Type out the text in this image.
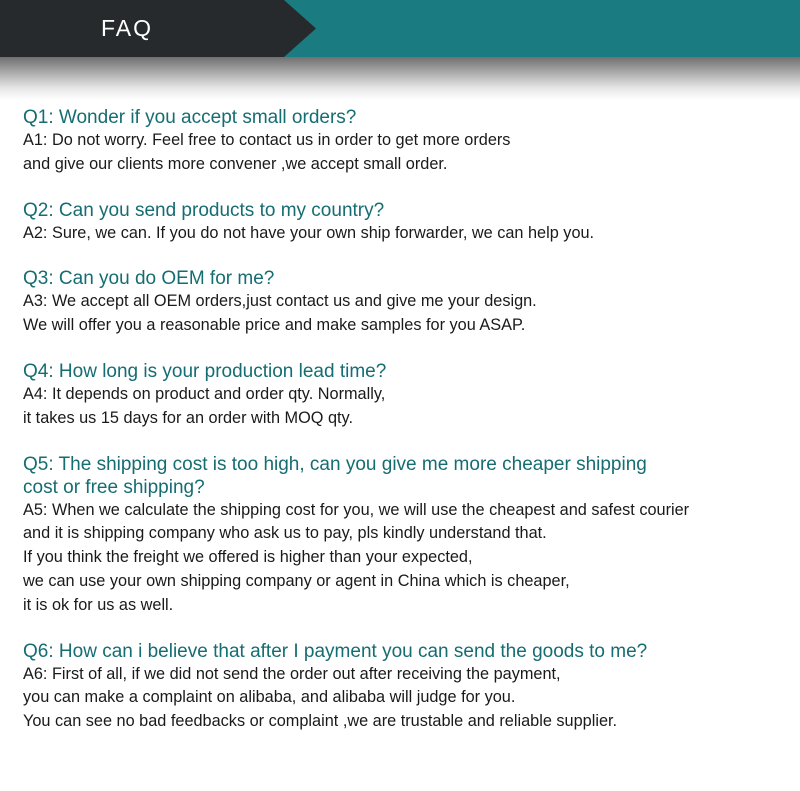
FAQ

Q1: Wonder if you accept small orders?

A1: Do not worry. Feel free to contact us in order to get more orders

and give our clients more convener ,we accept small order.

Q2: Can you send products to my country?

A2: Sure, we can. If you do not have your own ship forwarder, we can help you.

Q3: Can you do OEM for me?

A3: We accept all OEM orders,just contact us and give me your design.

We will offer you a reasonable price and make samples for you ASAP.

Q4: How long is your production lead time?

A4: It depends on product and order qty. Normally,

it takes us 15 days for an order with MOQ qty.

Q5: The shipping cost is too high, can you give me more cheaper shipping

cost or free shipping?

A5: When we calculate the shipping cost for you, we will use the cheapest and safest courier

and it is shipping company who ask us to pay, pls kindly understand that.

If you think the freight we offered is higher than your expected,

we can use your own shipping company or agent in China which is cheaper,

it is ok for us as well.

Q6: How can i believe that after I payment you can send the goods to me?

A6: First of all, if we did not send the order out after receiving the payment,

you can make a complaint on alibaba, and alibaba will judge for you.

You can see no bad feedbacks or complaint ,we are trustable and reliable supplier.
